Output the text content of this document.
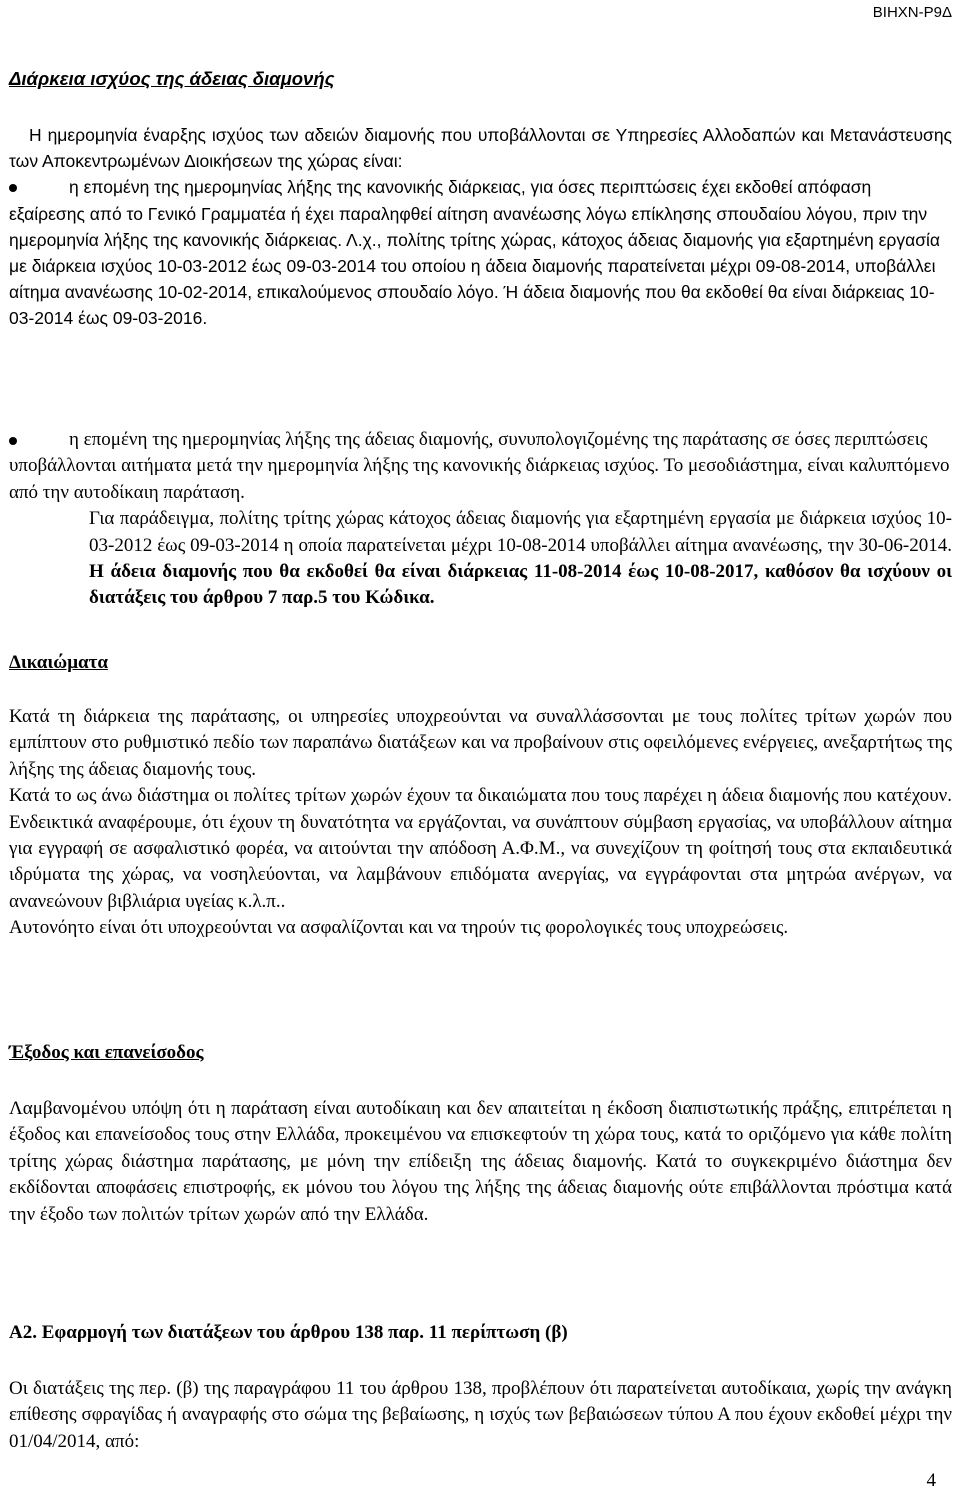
ΒΙΗΧΝ-Ρ9Δ
Διάρκεια ισχύος της άδειας διαμονής

Η ημερομηνία έναρξης ισχύος των αδειών διαμονής που υποβάλλονται σε Υπηρεσίες Αλλοδαπών και Μετανάστευσης των Αποκεντρωμένων Διοικήσεων της χώρας είναι:

η επομένη της ημερομηνίας λήξης της κανονικής διάρκειας, για όσες περιπτώσεις έχει εκδοθεί απόφαση εξαίρεσης από το Γενικό Γραμματέα ή έχει παραληφθεί αίτηση ανανέωσης λόγω επίκλησης σπουδαίου λόγου, πριν την ημερομηνία λήξης της κανονικής διάρκειας. Λ.χ., πολίτης τρίτης χώρας, κάτοχος άδειας διαμονής για εξαρτημένη εργασία με διάρκεια ισχύος 10-03-2012 έως 09-03-2014 του οποίου η άδεια διαμονής παρατείνεται μέχρι 09-08-2014, υποβάλλει αίτημα ανανέωσης 10-02-2014, επικαλούμενος σπουδαίο λόγο. Ή άδεια διαμονής που θα εκδοθεί θα είναι διάρκειας 10-03-2014 έως 09-03-2016.

η επομένη της ημερομηνίας λήξης της άδειας διαμονής, συνυπολογιζομένης της παράτασης σε όσες περιπτώσεις υποβάλλονται αιτήματα μετά την ημερομηνία λήξης της κανονικής διάρκειας ισχύος. Το μεσοδιάστημα, είναι καλυπτόμενο από την αυτοδίκαιη παράταση.

Για παράδειγμα, πολίτης τρίτης χώρας κάτοχος άδειας διαμονής για εξαρτημένη εργασία με διάρκεια ισχύος 10-03-2012 έως 09-03-2014 η οποία παρατείνεται μέχρι 10-08-2014 υποβάλλει αίτημα ανανέωσης, την 30-06-2014. Η άδεια διαμονής που θα εκδοθεί θα είναι διάρκειας 11-08-2014 έως 10-08-2017, καθόσον θα ισχύουν οι διατάξεις του άρθρου 7 παρ.5 του Κώδικα.

Δικαιώματα

Κατά τη διάρκεια της παράτασης, οι υπηρεσίες υποχρεούνται να συναλλάσσονται με τους πολίτες τρίτων χωρών που εμπίπτουν στο ρυθμιστικό πεδίο των παραπάνω διατάξεων και να προβαίνουν στις οφειλόμενες ενέργειες, ανεξαρτήτως της λήξης της άδειας διαμονής τους.

Κατά το ως άνω διάστημα οι πολίτες τρίτων χωρών έχουν τα δικαιώματα που τους παρέχει η άδεια διαμονής που κατέχουν. Ενδεικτικά αναφέρουμε, ότι έχουν τη δυνατότητα να εργάζονται, να συνάπτουν σύμβαση εργασίας, να υποβάλλουν αίτημα για εγγραφή σε ασφαλιστικό φορέα, να αιτούνται την απόδοση Α.Φ.Μ., να συνεχίζουν τη φοίτησή τους στα εκπαιδευτικά ιδρύματα της χώρας, να νοσηλεύονται, να λαμβάνουν επιδόματα ανεργίας, να εγγράφονται στα μητρώα ανέργων, να ανανεώνουν βιβλιάρια υγείας κ.λ.π..

Αυτονόητο είναι ότι υποχρεούνται να ασφαλίζονται και να τηρούν τις φορολογικές τους υποχρεώσεις.

Έξοδος και επανείσοδος

Λαμβανομένου υπόψη ότι η παράταση είναι αυτοδίκαιη και δεν απαιτείται η έκδοση διαπιστωτικής πράξης, επιτρέπεται η έξοδος και επανείσοδος τους στην Ελλάδα, προκειμένου να επισκεφτούν τη χώρα τους, κατά το οριζόμενο για κάθε πολίτη τρίτης χώρας διάστημα παράτασης, με μόνη την επίδειξη της άδειας διαμονής. Κατά το συγκεκριμένο διάστημα δεν εκδίδονται αποφάσεις επιστροφής, εκ μόνου του λόγου της λήξης της άδειας διαμονής ούτε επιβάλλονται πρόστιμα κατά την έξοδο των πολιτών τρίτων χωρών από την Ελλάδα.

Α2. Εφαρμογή των διατάξεων του άρθρου 138 παρ. 11 περίπτωση (β)

Οι διατάξεις της περ. (β) της παραγράφου 11 του άρθρου 138, προβλέπουν ότι παρατείνεται αυτοδίκαια, χωρίς την ανάγκη επίθεσης σφραγίδας ή αναγραφής στο σώμα της βεβαίωσης, η ισχύς των βεβαιώσεων τύπου Α που έχουν εκδοθεί μέχρι την 01/04/2014, από:

4
